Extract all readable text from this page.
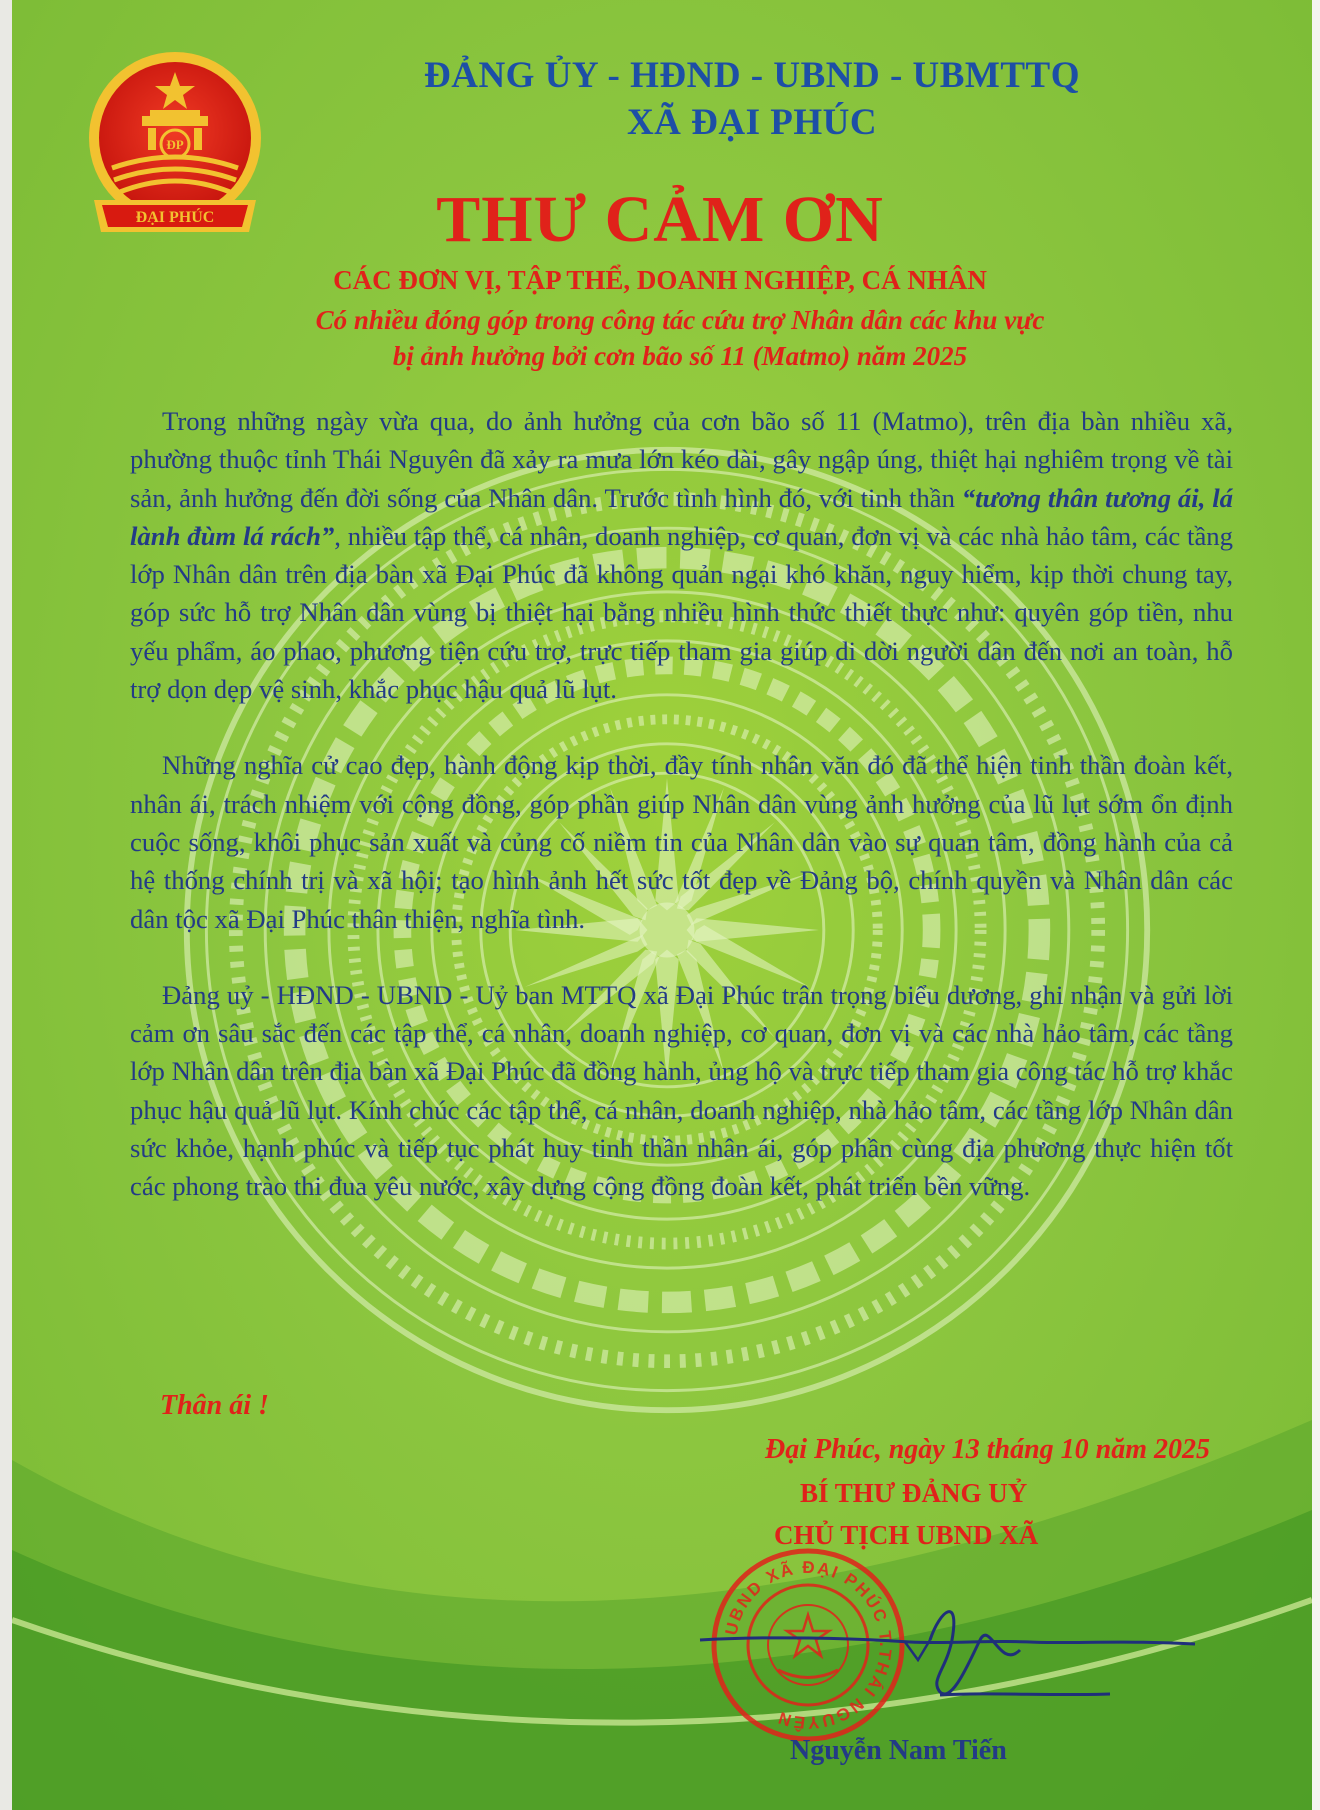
ĐP
ĐẠI PHÚC
ĐẢNG ỦY - HĐND - UBND - UBMTTQ
XÃ ĐẠI PHÚC
THƯ CẢM ƠN
CÁC ĐƠN VỊ, TẬP THỂ, DOANH NGHIỆP, CÁ NHÂN
Có nhiều đóng góp trong công tác cứu trợ Nhân dân các khu vực
bị ảnh hưởng bởi cơn bão số 11 (Matmo) năm 2025

Trong những ngày vừa qua, do ảnh hưởng của cơn bão số 11 (Matmo), trên địa bàn nhiều xã, phường thuộc tỉnh Thái Nguyên đã xảy ra mưa lớn kéo dài, gây ngập úng, thiệt hại nghiêm trọng về tài sản, ảnh hưởng đến đời sống của Nhân dân. Trước tình hình đó, với tinh thần “tương thân tương ái, lá lành đùm lá rách”, nhiều tập thể, cá nhân, doanh nghiệp, cơ quan, đơn vị và các nhà hảo tâm, các tầng lớp Nhân dân trên địa bàn xã Đại Phúc đã không quản ngại khó khăn, nguy hiểm, kịp thời chung tay, góp sức hỗ trợ Nhân dân vùng bị thiệt hại bằng nhiều hình thức thiết thực như: quyên góp tiền, nhu yếu phẩm, áo phao, phương tiện cứu trợ, trực tiếp tham gia giúp di dời người dân đến nơi an toàn, hỗ trợ dọn dẹp vệ sinh, khắc phục hậu quả lũ lụt.

Những nghĩa cử cao đẹp, hành động kịp thời, đầy tính nhân văn đó đã thể hiện tinh thần đoàn kết, nhân ái, trách nhiệm với cộng đồng, góp phần giúp Nhân dân vùng ảnh hưởng của lũ lụt sớm ổn định cuộc sống, khôi phục sản xuất và củng cố niềm tin của Nhân dân vào sự quan tâm, đồng hành của cả hệ thống chính trị và xã hội; tạo hình ảnh hết sức tốt đẹp về Đảng bộ, chính quyền và Nhân dân các dân tộc xã Đại Phúc thân thiện, nghĩa tình.

Đảng uỷ - HĐND - UBND - Uỷ ban MTTQ xã Đại Phúc trân trọng biểu dương, ghi nhận và gửi lời cảm ơn sâu sắc đến các tập thể, cá nhân, doanh nghiệp, cơ quan, đơn vị và các nhà hảo tâm, các tầng lớp Nhân dân trên địa bàn xã Đại Phúc đã đồng hành, ủng hộ và trực tiếp tham gia công tác hỗ trợ khắc phục hậu quả lũ lụt. Kính chúc các tập thể, cá nhân, doanh nghiệp, nhà hảo tâm, các tầng lớp Nhân dân sức khỏe, hạnh phúc và tiếp tục phát huy tinh thần nhân ái, góp phần cùng địa phương thực hiện tốt các phong trào thi đua yêu nước, xây dựng cộng đồng đoàn kết, phát triển bền vững.

Thân ái !
Đại Phúc, ngày 13 tháng 10 năm 2025
BÍ THƯ ĐẢNG UỶ
CHỦ TỊCH UBND XÃ
UBND XÃ ĐẠI PHÚC T.THÁI NGUYÊN
Nguyễn Nam Tiến
